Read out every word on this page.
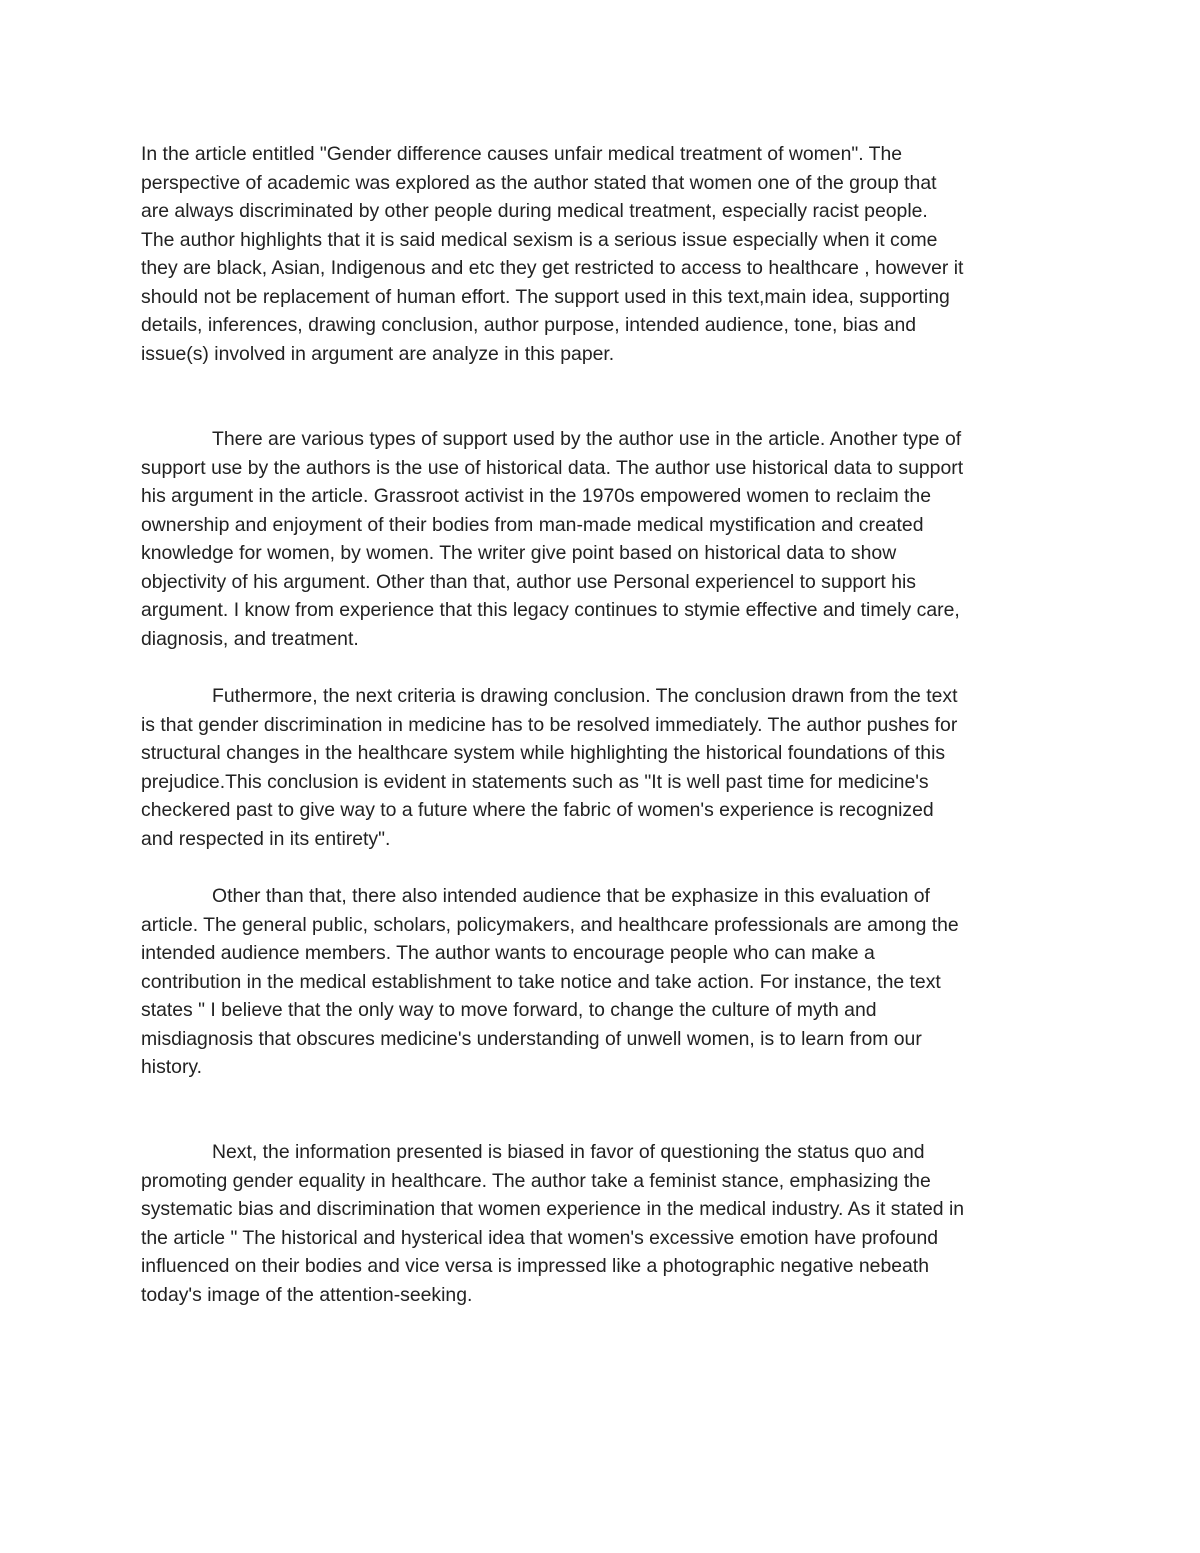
In the article entitled "Gender difference causes unfair medical treatment of women". The
perspective of academic was explored as the author stated that women one of the group that
are always discriminated by other people during medical treatment, especially racist people.
The author highlights that it is said medical sexism is a serious issue especially when it come
they are black, Asian, Indigenous and etc they get restricted to access to healthcare , however it
should not be replacement of human effort. The support used in this text,main idea, supporting
details, inferences, drawing conclusion, author purpose, intended audience, tone, bias and
issue(s) involved in argument are analyze in this paper.
There are various types of support used by the author use in the article. Another type of
support use by the authors is the use of historical data. The author use historical data to support
his argument in the article. Grassroot activist in the 1970s empowered women to reclaim the
ownership and enjoyment of their bodies from man-made medical mystification and created
knowledge for women, by women. The writer give point based on historical data to show
objectivity of his argument. Other than that, author use Personal experiencel to support his
argument. I know from experience that this legacy continues to stymie effective and timely care,
diagnosis, and treatment.
Futhermore, the next criteria is drawing conclusion. The conclusion drawn from the text
is that gender discrimination in medicine has to be resolved immediately. The author pushes for
structural changes in the healthcare system while highlighting the historical foundations of this
prejudice.This conclusion is evident in statements such as "It is well past time for medicine's
checkered past to give way to a future where the fabric of women's experience is recognized
and respected in its entirety".
Other than that, there also intended audience that be exphasize in this evaluation of
article. The general public, scholars, policymakers, and healthcare professionals are among the
intended audience members. The author wants to encourage people who can make a
contribution in the medical establishment to take notice and take action. For instance, the text
states " I believe that the only way to move forward, to change the culture of myth and
misdiagnosis that obscures medicine's understanding of unwell women, is to learn from our
history.
Next, the information presented is biased in favor of questioning the status quo and
promoting gender equality in healthcare. The author take a feminist stance, emphasizing the
systematic bias and discrimination that women experience in the medical industry. As it stated in
the article " The historical and hysterical idea that women's excessive emotion have profound
influenced on their bodies and vice versa is impressed like a photographic negative nebeath
today's image of the attention-seeking.
